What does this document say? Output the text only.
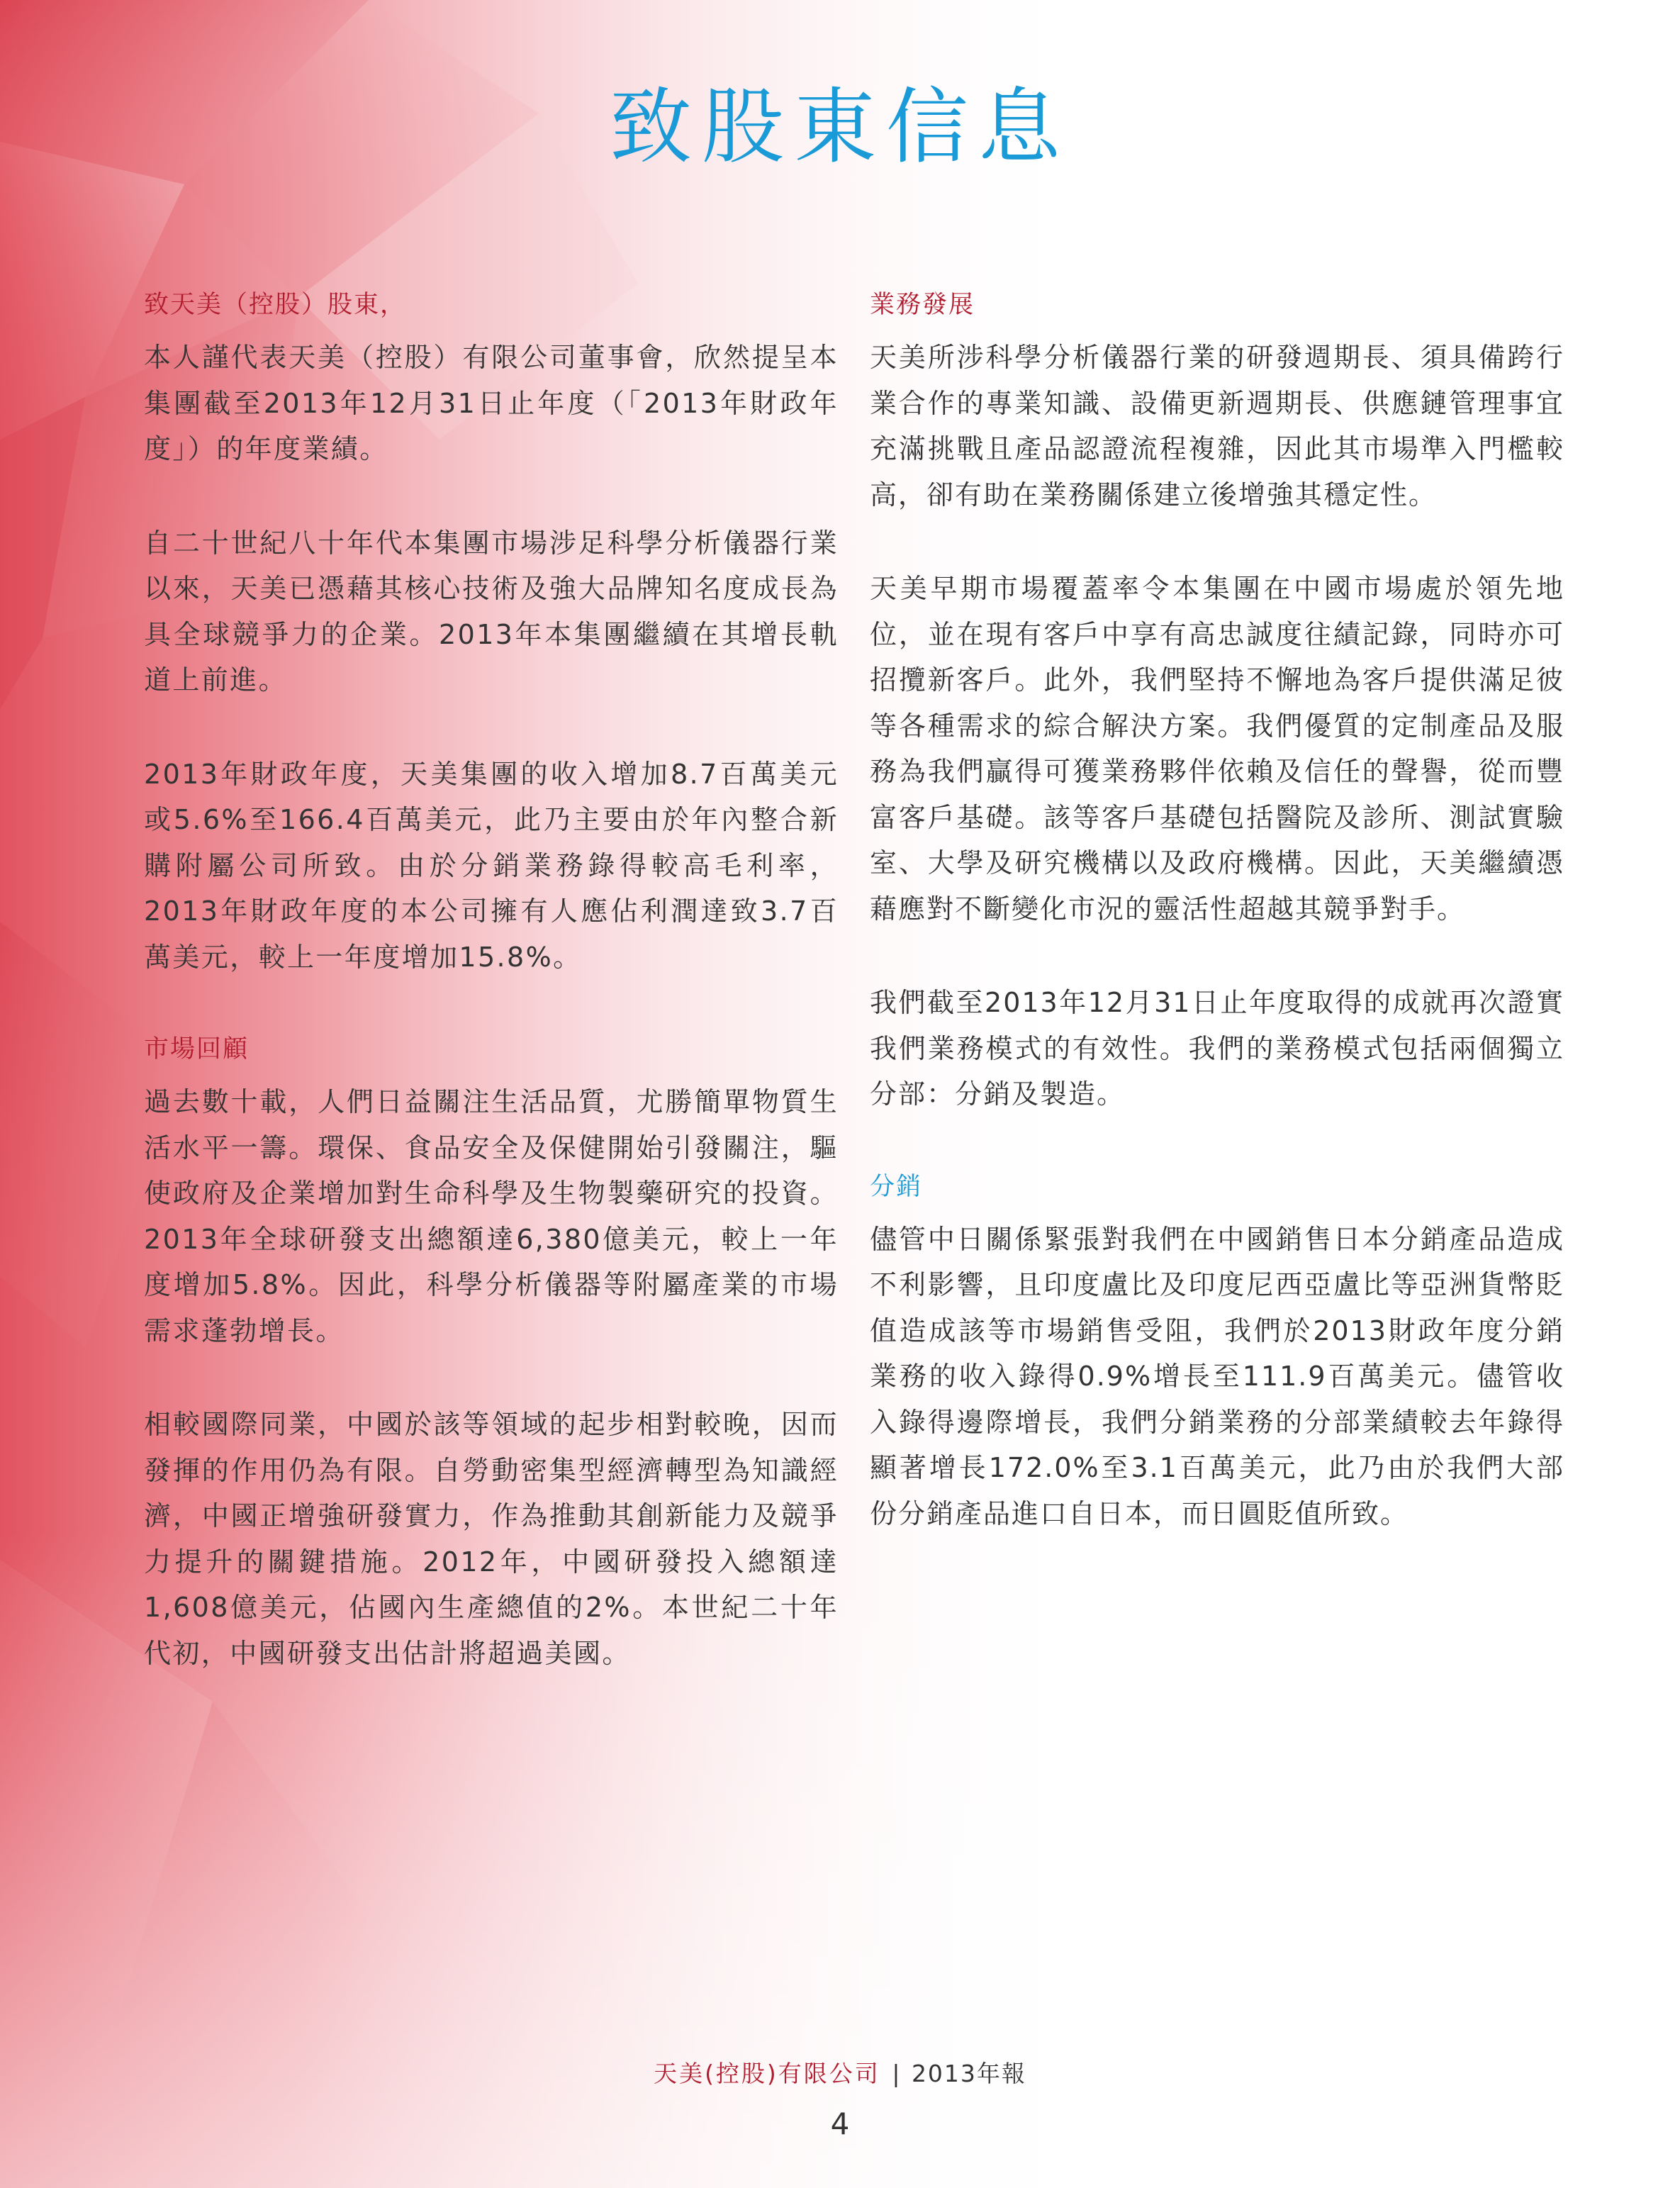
致股東信息
致天美（控股）股東，

本人謹代表天美（控股）有限公司董事會，欣然提呈本集團截至2013年12月31日止年度（「2013年財政年度」）的年度業績。

自二十世紀八十年代本集團市場涉足科學分析儀器行業以來，天美已憑藉其核心技術及強大品牌知名度成長為具全球競爭力的企業。2013年本集團繼續在其增長軌道上前進。

2013年財政年度，天美集團的收入增加8.7百萬美元或5.6%至166.4百萬美元，此乃主要由於年內整合新購附屬公司所致。由於分銷業務錄得較高毛利率，2013年財政年度的本公司擁有人應佔利潤達致3.7百萬美元，較上一年度增加15.8%。

市場回顧

過去數十載，人們日益關注生活品質，尤勝簡單物質生活水平一籌。環保、食品安全及保健開始引發關注，驅使政府及企業增加對生命科學及生物製藥研究的投資。2013年全球研發支出總額達6,380億美元，較上一年度增加5.8%。因此，科學分析儀器等附屬產業的市場需求蓬勃增長。

相較國際同業，中國於該等領域的起步相對較晚，因而發揮的作用仍為有限。自勞動密集型經濟轉型為知識經濟，中國正增強研發實力，作為推動其創新能力及競爭力提升的關鍵措施。2012年，中國研發投入總額達1,608億美元，佔國內生產總值的2%。本世紀二十年代初，中國研發支出估計將超過美國。

業務發展

天美所涉科學分析儀器行業的研發週期長、須具備跨行業合作的專業知識、設備更新週期長、供應鏈管理事宜充滿挑戰且產品認證流程複雜，因此其市場準入門檻較高，卻有助在業務關係建立後增強其穩定性。

天美早期市場覆蓋率令本集團在中國市場處於領先地位，並在現有客戶中享有高忠誠度往績記錄，同時亦可招攬新客戶。此外，我們堅持不懈地為客戶提供滿足彼等各種需求的綜合解決方案。我們優質的定制產品及服務為我們贏得可獲業務夥伴依賴及信任的聲譽，從而豐富客戶基礎。該等客戶基礎包括醫院及診所、測試實驗室、大學及研究機構以及政府機構。因此，天美繼續憑藉應對不斷變化市況的靈活性超越其競爭對手。

我們截至2013年12月31日止年度取得的成就再次證實我們業務模式的有效性。我們的業務模式包括兩個獨立分部：分銷及製造。

分銷

儘管中日關係緊張對我們在中國銷售日本分銷產品造成不利影響，且印度盧比及印度尼西亞盧比等亞洲貨幣貶值造成該等市場銷售受阻，我們於2013財政年度分銷業務的收入錄得0.9%增長至111.9百萬美元。儘管收入錄得邊際增長，我們分銷業務的分部業績較去年錄得顯著增長172.0%至3.1百萬美元，此乃由於我們大部份分銷產品進口自日本，而日圓貶值所致。

天美(控股)有限公司 | 2013年報
4
